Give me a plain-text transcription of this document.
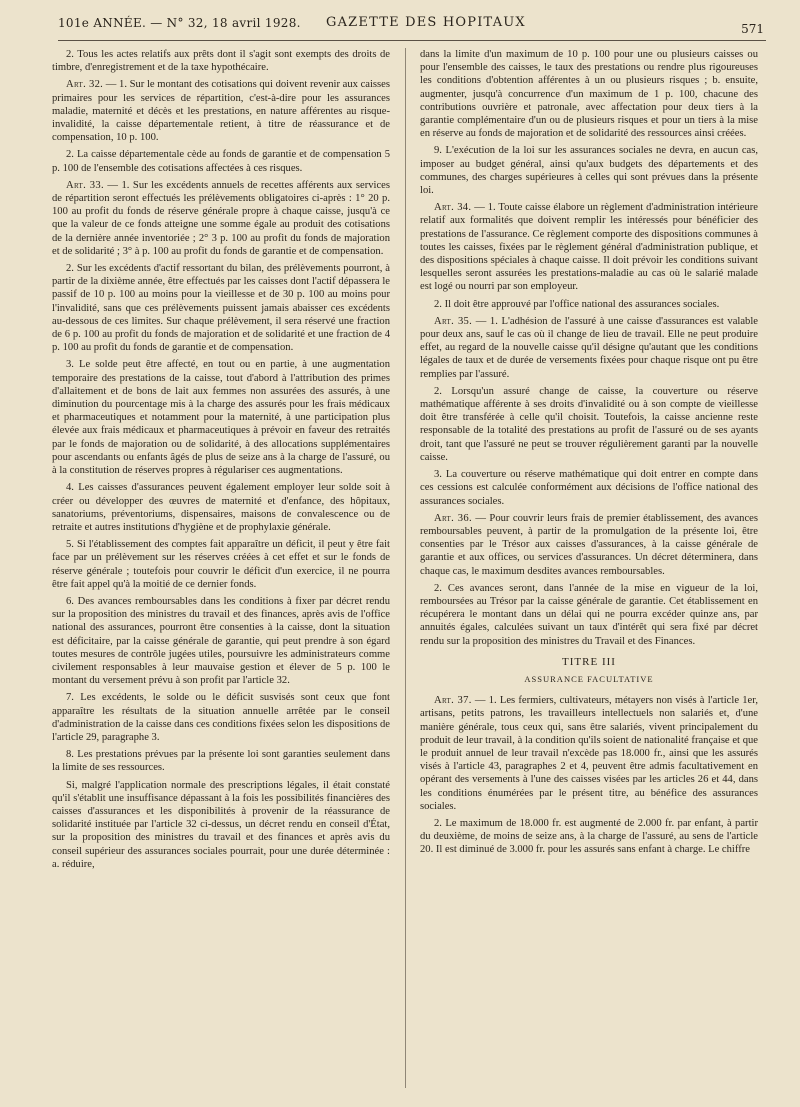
101e ANNÉE. — N° 32, 18 avril 1928. GAZETTE DES HOPITAUX	571

2. Tous les actes relatifs aux prêts dont il s'agit sont exempts des droits de timbre, d'enregistrement et de la taxe hypothécaire.

Art. 32. — 1. Sur le montant des cotisations qui doivent revenir aux caisses primaires pour les services de répartition, c'est-à-dire pour les assurances maladie, maternité et décès et les prestations, en nature afférentes au risque-invalidité, la caisse départementale retient, à titre de réassurance et de compensation, 10 p. 100.

2. La caisse départementale cède au fonds de garantie et de compensation 5 p. 100 de l'ensemble des cotisations affectées à ces risques.

Art. 33. — 1. Sur les excédents annuels de recettes afférents aux services de répartition seront effectués les prélèvements obligatoires ci-après : 1° 20 p. 100 au profit du fonds de réserve générale propre à chaque caisse, jusqu'à ce que la valeur de ce fonds atteigne une somme égale au produit des cotisations de la dernière année inventoriée ; 2° 3 p. 100 au profit du fonds de majoration et de solidarité ; 3° à p. 100 au profit du fonds de garantie et de compensation.

2. Sur les excédents d'actif ressortant du bilan, des prélèvements pourront, à partir de la dixième année, être effectués par les caisses dont l'actif dépassera le passif de 10 p. 100 au moins pour la vieillesse et de 30 p. 100 au moins pour l'invalidité, sans que ces prélèvements puissent jamais abaisser ces excédents au-dessous de ces limites. Sur chaque prélèvement, il sera réservé une fraction de 6 p. 100 au profit du fonds de majoration et de solidarité et une fraction de 4 p. 100 au profit du fonds de garantie et de compensation.

3. Le solde peut être affecté, en tout ou en partie, à une augmentation temporaire des prestations de la caisse, tout d'abord à l'attribution des primes d'allaitement et de bons de lait aux femmes non assurées des assurés, à une diminution du pourcentage mis à la charge des assurés pour les frais médicaux et pharmaceutiques et notamment pour la maternité, à une participation plus élevée aux frais médicaux et pharmaceutiques à prévoir en faveur des retraités par le fonds de majoration ou de solidarité, à des allocations supplémentaires pour ascendants ou enfants âgés de plus de seize ans à la charge de l'assuré, ou à la constitution de réserves propres à régulariser ces augmentations.

4. Les caisses d'assurances peuvent également employer leur solde soit à créer ou développer des œuvres de maternité et d'enfance, des hôpitaux, sanatoriums, préventoriums, dispensaires, maisons de convalescence ou de retraite et autres institutions d'hygiène et de prophylaxie générale.

5. Si l'établissement des comptes fait apparaître un déficit, il peut y être fait face par un prélèvement sur les réserves créées à cet effet et sur le fonds de réserve générale ; toutefois pour couvrir le déficit d'un exercice, il ne pourra être fait appel qu'à la moitié de ce dernier fonds.

6. Des avances remboursables dans les conditions à fixer par décret rendu sur la proposition des ministres du travail et des finances, après avis de l'office national des assurances, pourront être consenties à la caisse, dont la situation est déficitaire, par la caisse générale de garantie, qui peut prendre à son égard toutes mesures de contrôle jugées utiles, poursuivre les administrateurs comme civilement responsables à leur mauvaise gestion et élever de 5 p. 100 le montant du versement prévu à son profit par l'article 32.

7. Les excédents, le solde ou le déficit susvisés sont ceux que font apparaître les résultats de la situation annuelle arrêtée par le conseil d'administration de la caisse dans ces conditions fixées selon les dispositions de l'article 29, paragraphe 3.

8. Les prestations prévues par la présente loi sont garanties seulement dans la limite de ses ressources.

Si, malgré l'application normale des prescriptions légales, il était constaté qu'il s'établit une insuffisance dépassant à la fois les possibilités financières des caisses d'assurances et les disponibilités à provenir de la réassurance de solidarité instituée par l'article 32 ci-dessus, un décret rendu en conseil d'État, sur la proposition des ministres du travail et des finances et après avis du conseil supérieur des assurances sociales pourrait, pour une durée déterminée : a. réduire,

dans la limite d'un maximum de 10 p. 100 pour une ou plusieurs caisses ou pour l'ensemble des caisses, le taux des prestations ou rendre plus rigoureuses les conditions d'obtention afférentes à un ou plusieurs risques ; b. ensuite, augmenter, jusqu'à concurrence d'un maximum de 1 p. 100, chacune des contributions ouvrière et patronale, avec affectation pour deux tiers à la garantie complémentaire d'un ou de plusieurs risques et pour un tiers à la mise en réserve au fonds de majoration et de solidarité des ressources ainsi créées.

9. L'exécution de la loi sur les assurances sociales ne devra, en aucun cas, imposer au budget général, ainsi qu'aux budgets des départements et des communes, des charges supérieures à celles qui sont prévues dans la présente loi.

Art. 34. — 1. Toute caisse élabore un règlement d'administration intérieure relatif aux formalités que doivent remplir les intéressés pour bénéficier des prestations de l'assurance. Ce règlement comporte des dispositions communes à toutes les caisses, fixées par le règlement général d'administration publique, et des dispositions spéciales à chaque caisse. Il doit prévoir les conditions suivant lesquelles seront assurées les prestations-maladie au cas où le salarié malade est logé ou nourri par son employeur.

2. Il doit être approuvé par l'office national des assurances sociales.

Art. 35. — 1. L'adhésion de l'assuré à une caisse d'assurances est valable pour deux ans, sauf le cas où il change de lieu de travail. Elle ne peut produire effet, au regard de la nouvelle caisse qu'il désigne qu'autant que les conditions légales de taux et de durée de versements fixées pour chaque risque ont pu être remplies par l'assuré.

2. Lorsqu'un assuré change de caisse, la couverture ou réserve mathématique afférente à ses droits d'invalidité ou à son compte de vieillesse doit être transférée à celle qu'il choisit. Toutefois, la caisse ancienne reste responsable de la totalité des prestations au profit de l'assuré ou de ses ayants droit, tant que l'assuré ne peut se trouver régulièrement garanti par la nouvelle caisse.

3. La couverture ou réserve mathématique qui doit entrer en compte dans ces cessions est calculée conformément aux décisions de l'office national des assurances sociales.

Art. 36. — Pour couvrir leurs frais de premier établissement, des avances remboursables peuvent, à partir de la promulgation de la présente loi, être consenties par le Trésor aux caisses d'assurances, à la caisse générale de garantie et aux offices, ou services d'assurances. Un décret déterminera, dans chaque cas, le maximum desdites avances remboursables.

2. Ces avances seront, dans l'année de la mise en vigueur de la loi, remboursées au Trésor par la caisse générale de garantie. Cet établissement en récupérera le montant dans un délai qui ne pourra excéder quinze ans, par annuités égales, calculées suivant un taux d'intérêt qui sera fixé par décret rendu sur la proposition des ministres du Travail et des Finances.

TITRE III

ASSURANCE FACULTATIVE

Art. 37. — 1. Les fermiers, cultivateurs, métayers non visés à l'article 1er, artisans, petits patrons, les travailleurs intellectuels non salariés et, d'une manière générale, tous ceux qui, sans être salariés, vivent principalement du produit de leur travail, à la condition qu'ils soient de nationalité française et que le produit annuel de leur travail n'excède pas 18.000 fr., ainsi que les assurés visés à l'article 43, paragraphes 2 et 4, peuvent être admis facultativement en opérant des versements à l'une des caisses visées par les articles 26 et 44, dans les conditions énumérées par le présent titre, au bénéfice des assurances sociales.

2. Le maximum de 18.000 fr. est augmenté de 2.000 fr. par enfant, à partir du deuxième, de moins de seize ans, à la charge de l'assuré, au sens de l'article 20. Il est diminué de 3.000 fr. pour les assurés sans enfant à charge. Le chiffre
